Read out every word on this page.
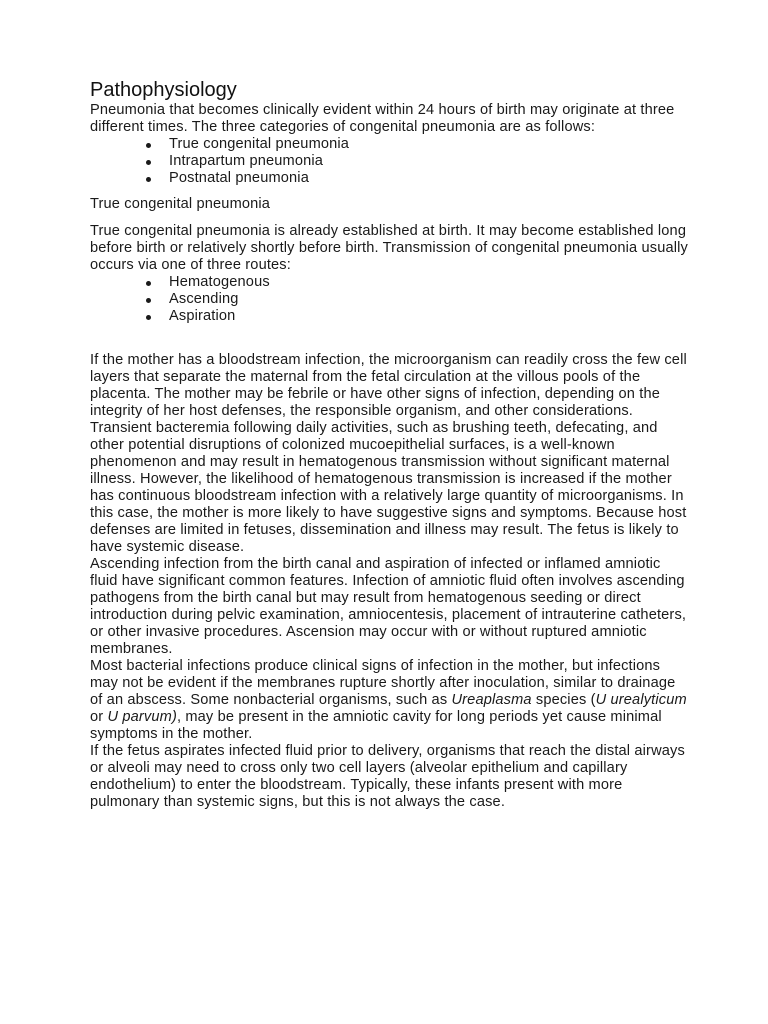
Pathophysiology

Pneumonia that becomes clinically evident within 24 hours of birth may originate at three different times. The three categories of congenital pneumonia are as follows:

True congenital pneumonia
Intrapartum pneumonia
Postnatal pneumonia

True congenital pneumonia

True congenital pneumonia is already established at birth. It may become established long before birth or relatively shortly before birth. Transmission of congenital pneumonia usually occurs via one of three routes:

Hematogenous
Ascending
Aspiration

If the mother has a bloodstream infection, the microorganism can readily cross the few cell layers that separate the maternal from the fetal circulation at the villous pools of the placenta. The mother may be febrile or have other signs of infection, depending on the integrity of her host defenses, the responsible organism, and other considerations.

Transient bacteremia following daily activities, such as brushing teeth, defecating, and other potential disruptions of colonized mucoepithelial surfaces, is a well-known phenomenon and may result in hematogenous transmission without significant maternal illness. However, the likelihood of hematogenous transmission is increased if the mother has continuous bloodstream infection with a relatively large quantity of microorganisms. In this case, the mother is more likely to have suggestive signs and symptoms. Because host defenses are limited in fetuses, dissemination and illness may result. The fetus is likely to have systemic disease.

Ascending infection from the birth canal and aspiration of infected or inflamed amniotic fluid have significant common features. Infection of amniotic fluid often involves ascending pathogens from the birth canal but may result from hematogenous seeding or direct introduction during pelvic examination, amniocentesis, placement of intrauterine catheters, or other invasive procedures. Ascension may occur with or without ruptured amniotic membranes.

Most bacterial infections produce clinical signs of infection in the mother, but infections may not be evident if the membranes rupture shortly after inoculation, similar to drainage of an abscess. Some nonbacterial organisms, such as Ureaplasma species (U urealyticum or U parvum), may be present in the amniotic cavity for long periods yet cause minimal symptoms in the mother.

If the fetus aspirates infected fluid prior to delivery, organisms that reach the distal airways or alveoli may need to cross only two cell layers (alveolar epithelium and capillary endothelium) to enter the bloodstream. Typically, these infants present with more pulmonary than systemic signs, but this is not always the case.
